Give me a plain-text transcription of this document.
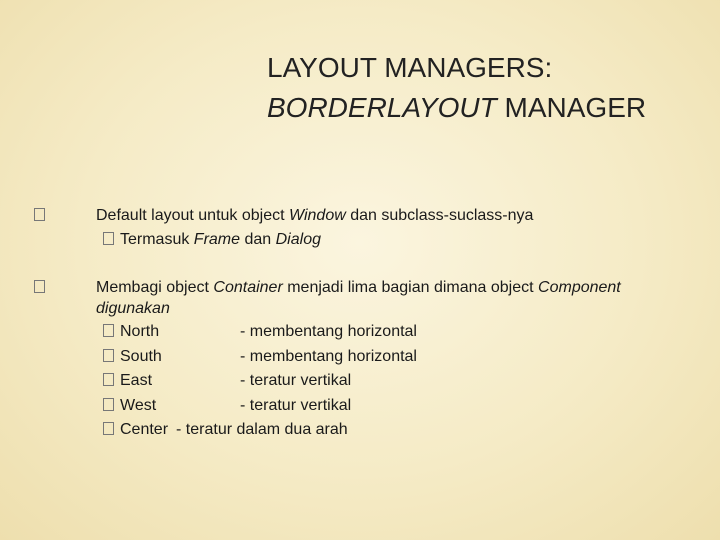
LAYOUT MANAGERS:
BORDERLAYOUT MANAGER
Default layout untuk object Window dan subclass-suclass-nya
Termasuk Frame dan Dialog
Membagi object Container menjadi lima bagian dimana object Component
digunakan
North	- membentang horizontal
South	- membentang horizontal
East	- teratur vertikal
West	- teratur vertikal
Center - teratur dalam dua arah
